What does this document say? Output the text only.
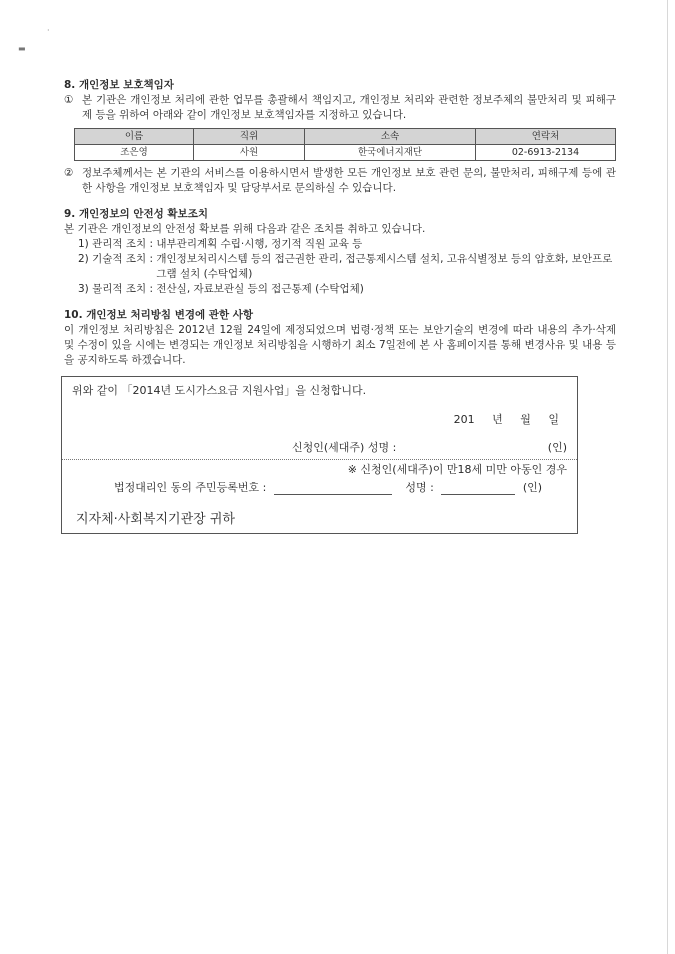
▬
·
8. 개인정보 보호책임자
① 본 기관은 개인정보 처리에 관한 업무를 총괄해서 책임지고, 개인정보 처리와 관련한 정보주체의 불만처리 및 피해구제 등을 위하여 아래와 같이 개인정보 보호책임자를 지정하고 있습니다.
이름	직위	소속	연락처
조은영	사원	한국에너지재단	02-6913-2134
② 정보주체께서는 본 기관의 서비스를 이용하시면서 발생한 모든 개인정보 보호 관련 문의, 불만처리, 피해구제 등에 관한 사항을 개인정보 보호책임자 및 담당부서로 문의하실 수 있습니다.
9. 개인정보의 안전성 확보조치
본 기관은 개인정보의 안전성 확보를 위해 다음과 같은 조치를 취하고 있습니다.
1) 관리적 조치 : 내부관리계획 수립·시행, 정기적 직원 교육 등
2) 기술적 조치 : 개인정보처리시스템 등의 접근권한 관리, 접근통제시스템 설치, 고유식별정보 등의 암호화, 보안프로그램 설치 (수탁업체)
3) 물리적 조치 : 전산실, 자료보관실 등의 접근통제 (수탁업체)
10. 개인정보 처리방침 변경에 관한 사항
이 개인정보 처리방침은 2012년 12월 24일에 제정되었으며 법령·정책 또는 보안기술의 변경에 따라 내용의 추가·삭제 및 수정이 있을 시에는 변경되는 개인정보 처리방침을 시행하기 최소 7일전에 본 사 홈페이지를 통해 변경사유 및 내용 등을 공지하도록 하겠습니다.
위와 같이 「2014년 도시가스요금 지원사업」을 신청합니다.
201 년 월 일
신청인(세대주) 성명 :	(인)
※ 신청인(세대주)이 만18세 미만 아동인 경우
법정대리인 동의 주민등록번호 :	성명 :	(인)
지자체·사회복지기관장 귀하
